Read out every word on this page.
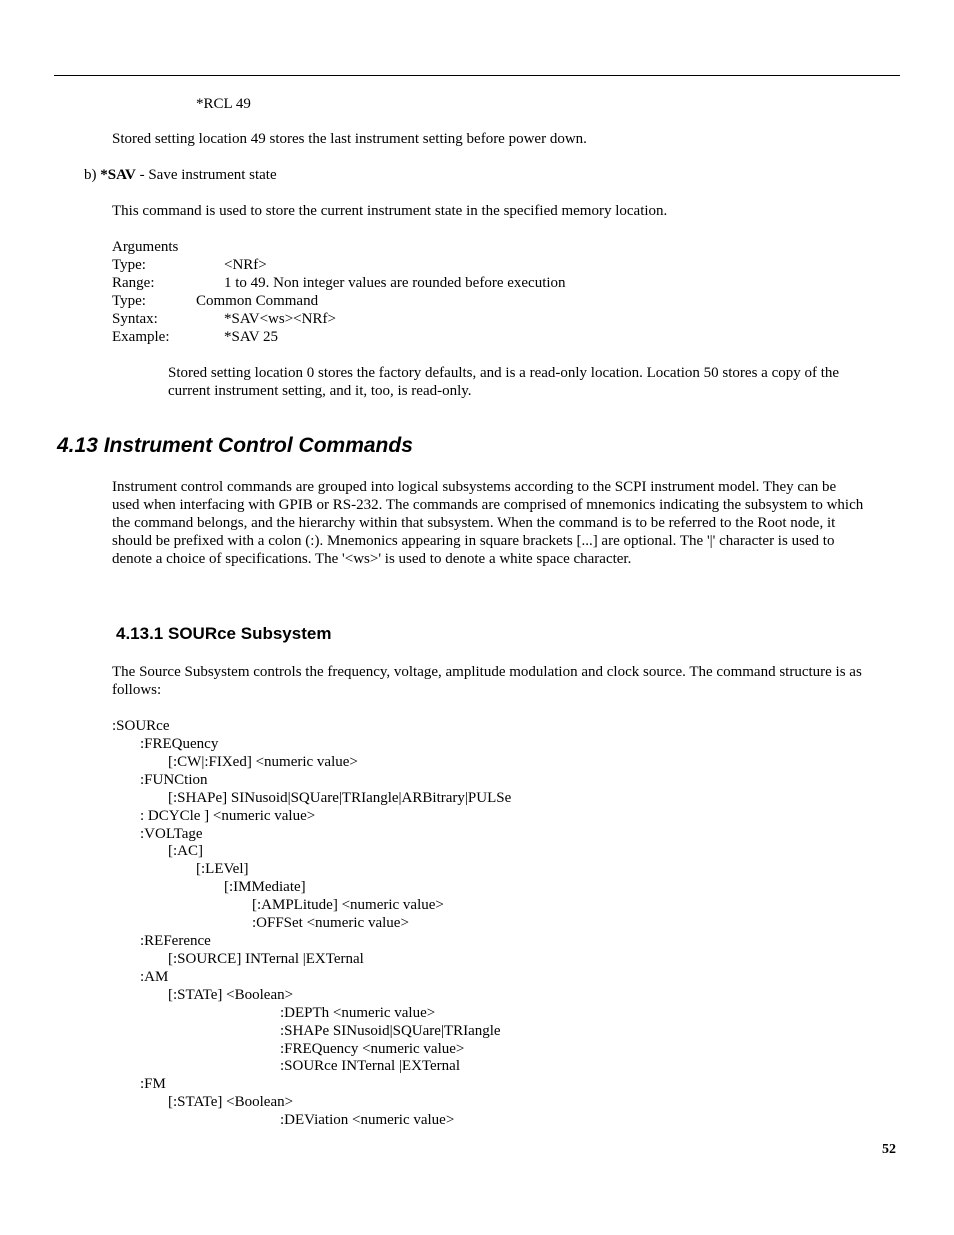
*RCL 49
Stored setting location 49 stores the last instrument setting before power down.
b) *SAV - Save instrument state
This command is used to store the current instrument state in the specified memory location.
Arguments
Type:	<NRf>
Range:	1 to 49. Non integer values are rounded before execution
Type:	Common Command
Syntax:	*SAV<ws><NRf>
Example:	*SAV 25
Stored setting location 0 stores the factory defaults, and is a read-only location. Location 50 stores a copy of the
current instrument setting, and it, too, is read-only.
4.13 Instrument Control Commands
Instrument control commands are grouped into logical subsystems according to the SCPI instrument model. They can be
used when interfacing with GPIB or RS-232. The commands are comprised of mnemonics indicating the subsystem to which
the command belongs, and the hierarchy within that subsystem. When the command is to be referred to the Root node, it
should be prefixed with a colon (:). Mnemonics appearing in square brackets [...] are optional. The '|' character is used to
denote a choice of specifications. The '<ws>' is used to denote a white space character.
4.13.1 SOURce Subsystem
The Source Subsystem controls the frequency, voltage, amplitude modulation and clock source. The command structure is as
follows:
:SOURce
:FREQuency
[:CW|:FIXed] <numeric value>
:FUNCtion
[:SHAPe] SINusoid|SQUare|TRIangle|ARBitrary|PULSe
: DCYCle ] <numeric value>
:VOLTage
[:AC]
[:LEVel]
[:IMMediate]
[:AMPLitude] <numeric value>
:OFFSet <numeric value>
:REFerence
[:SOURCE] INTernal |EXTernal
:AM
[:STATe] <Boolean>
:DEPTh <numeric value>
:SHAPe SINusoid|SQUare|TRIangle
:FREQuency <numeric value>
:SOURce INTernal |EXTernal
:FM
[:STATe] <Boolean>
:DEViation <numeric value>
52
